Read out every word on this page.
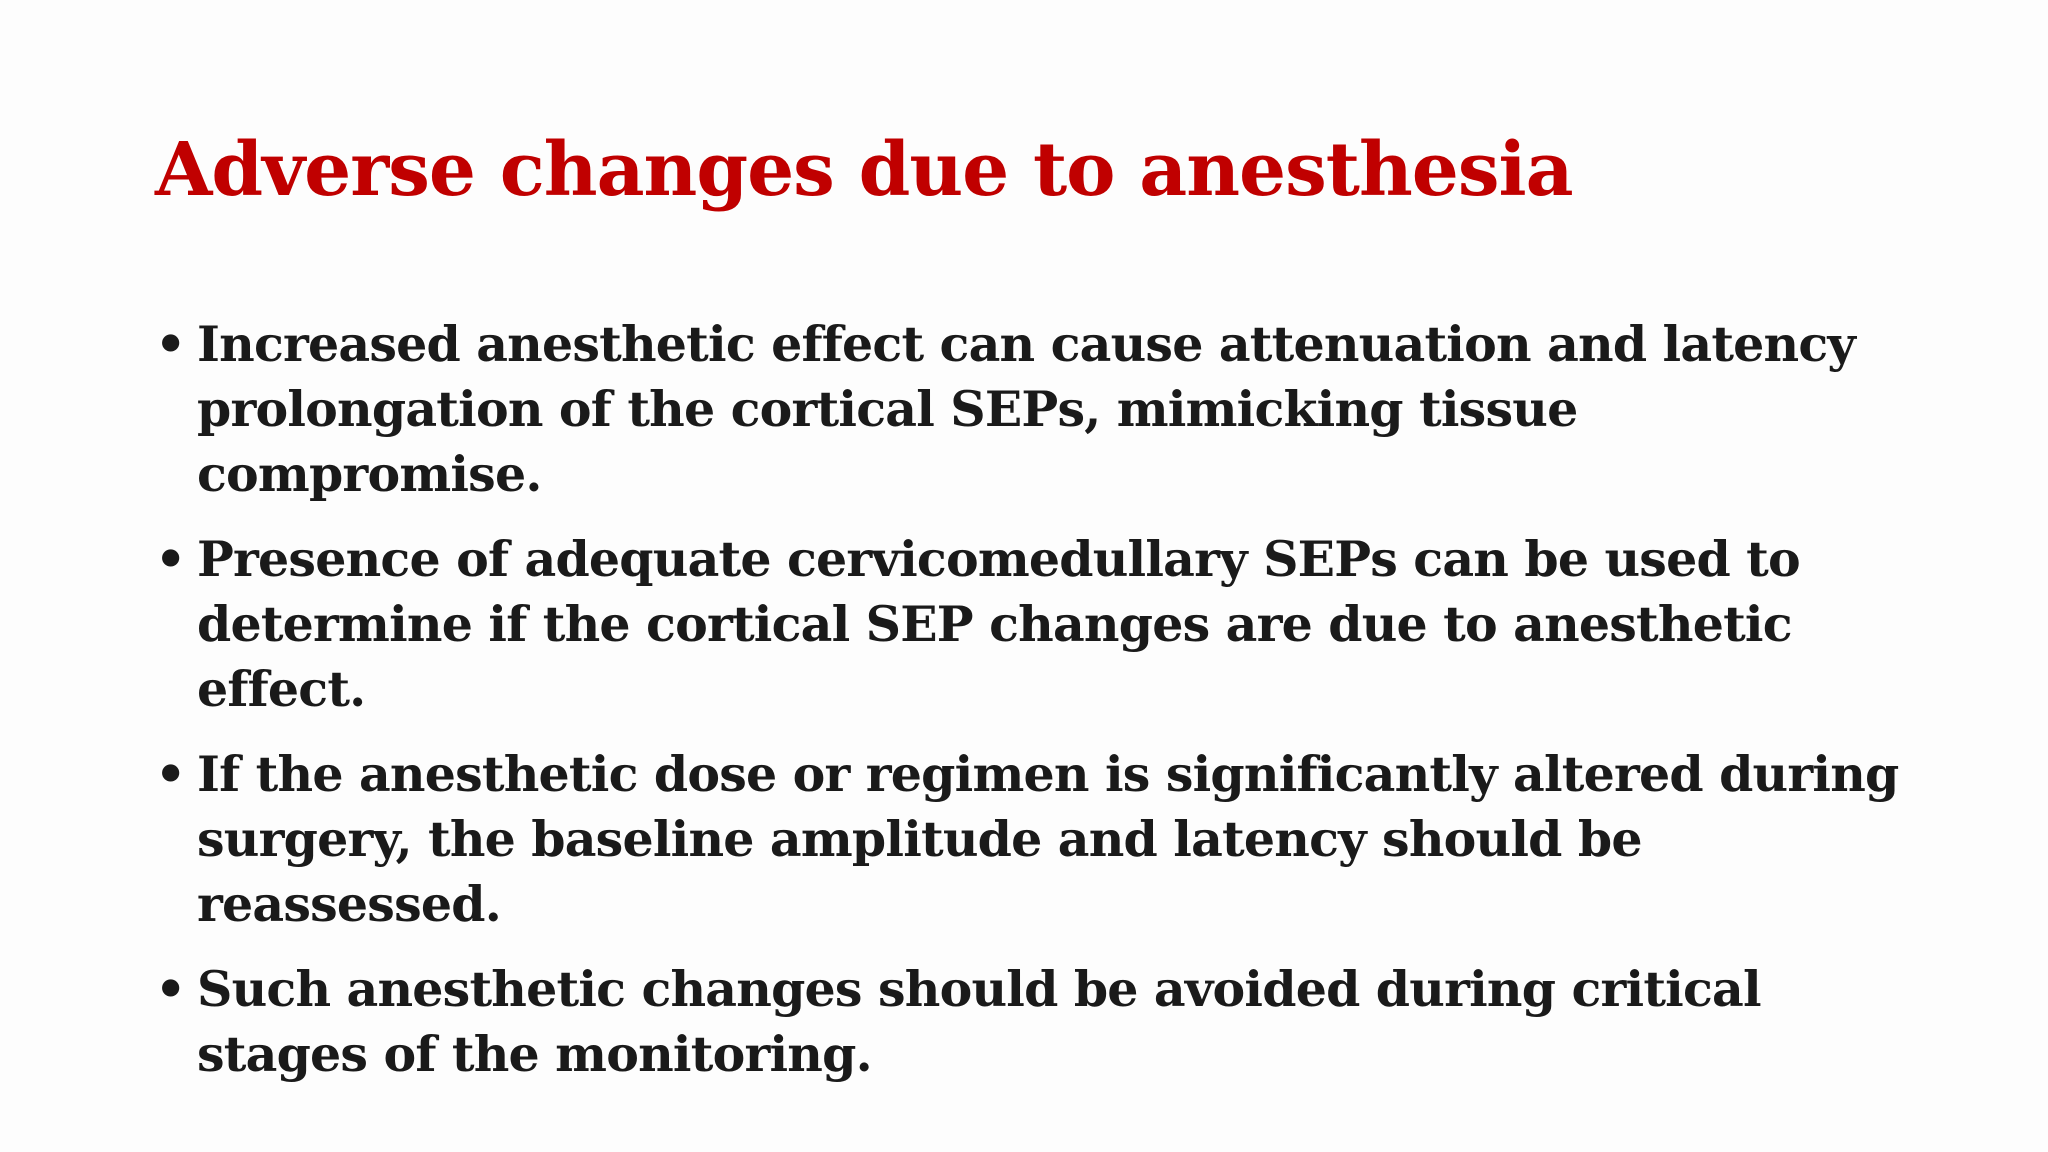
Adverse changes due to anesthesia
• Increased anesthetic effect can cause attenuation and latency prolongation of the cortical SEPs, mimicking tissue compromise.
• Presence of adequate cervicomedullary SEPs can be used to determine if the cortical SEP changes are due to anesthetic effect.
• If the anesthetic dose or regimen is significantly altered during surgery, the baseline amplitude and latency should be reassessed.
• Such anesthetic changes should be avoided during critical stages of the monitoring.
